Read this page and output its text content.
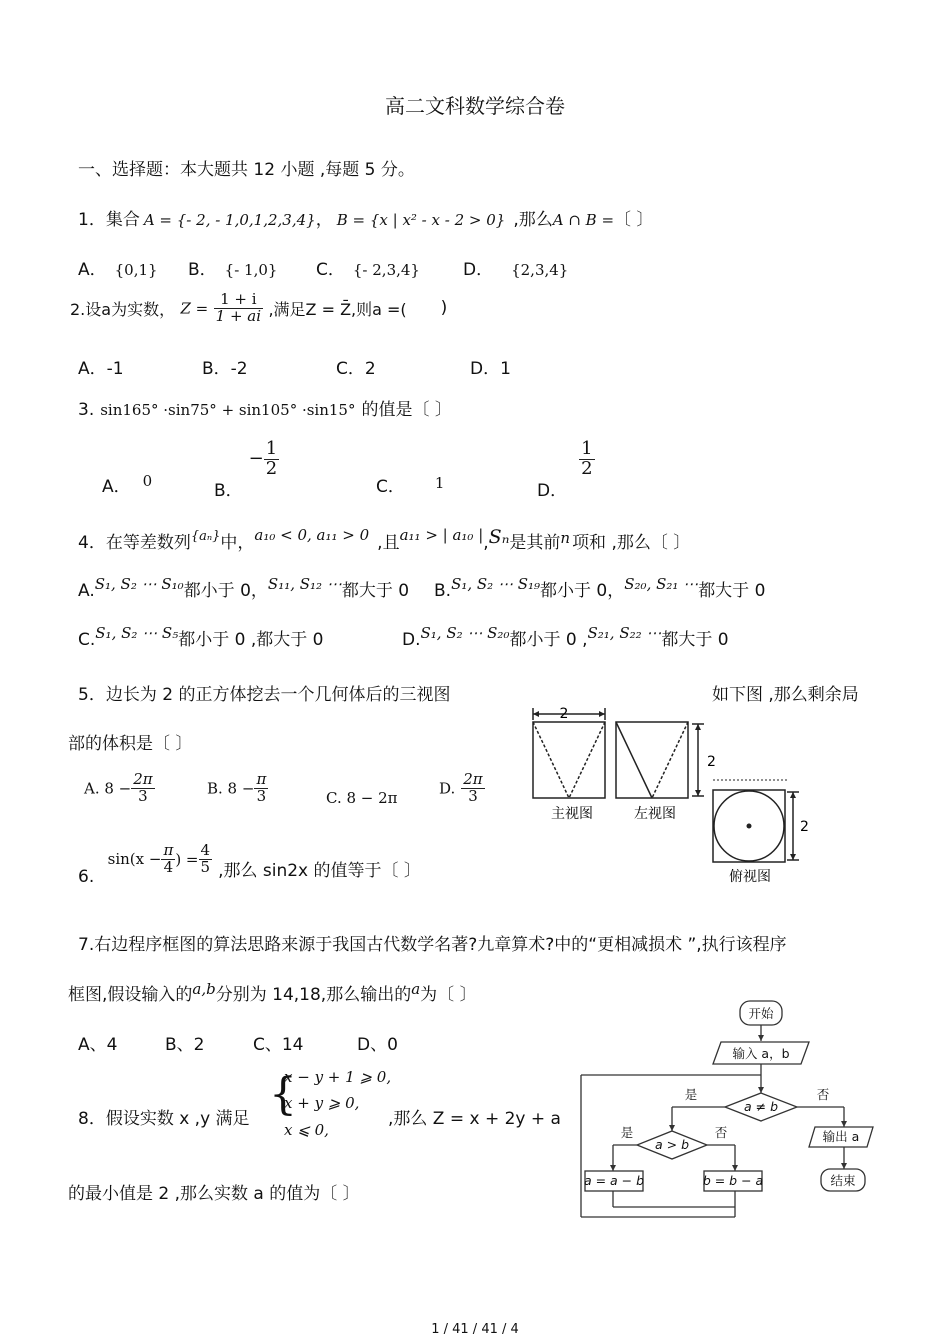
高二文科数学综合卷
一、选择题：本大题共 12 小题 ,每题 5 分。
1．集合 A = {- 2, - 1,0,1,2,3,4}， B = {x | x² - x - 2 > 0} ,那么A ∩ B =〔 〕
A． {0,1} B． {- 1,0} C． {- 2,3,4}	D． {2,3,4}
2.设a为实数， $Z = \frac{1 + i}{1 + ai}$ ,满足Z = Z̄,则a =( )
A．-1	B．-2	C．2	D．1
3. sin165° ·sin75° + sin105° ·sin15° 的值是〔 〕
A． 0
B．− $\frac{1}{2}$
C． 1	D．
$\frac{1}{2}$
4．在等差数列$^{\{a_n\}}$中，a₁₀ < 0, a₁₁ > 0 ,且a₁₁ > | a₁₀ |,Sₙ是其前n 项和 ,那么〔 〕
A.S₁, S₂ ⋯ S₁₀都小于 0，S₁₁, S₁₂ ⋯都大于 0 B.S₁, S₂ ⋯ S₁₉都小于 0，S₂₀, S₂₁ ⋯都大于 0
C.S₁, S₂ ⋯ S₅都小于 0 ,都大于 0	D.S₁, S₂ ⋯ S₂₀都小于 0 ,S₂₁, S₂₂ ⋯都大于 0
5．边长为 2 的正方体挖去一个几何体后的三视图	如下图 ,那么剩余局
部的体积是〔 〕
A. $8 - \frac{2\pi}{3}$	B. $8 - \frac{\pi}{3}$	C. 8 − 2π
D. $\frac{2\pi}{3}$
2
2
2
主视图	左视图
俯视图
6. $\sin(x - \frac{\pi}{4}$ ) = $\frac{4}{5}$ ,那么 sin2x 的值等于〔 〕
7.右边程序框图的算法思路来源于我国古代数学名著?九章算术?中的“更相减损术 ”,执行该程序
框图,假设输入的a,b分别为 14,18,那么输出的a为〔 〕
A、4	B、2	C、14	D、0
开始
输入 a，b
a ≠ b
是	否
a > b
是	否
a = a − b	b = b − a
输出 a
结束
8．假设实数 x ,y 满足 {
x − y + 1 ⩾ 0,
x + y ⩾ 0,
x ⩽ 0,
,那么 Z = x + 2y + a
的最小值是 2 ,那么实数 a 的值为〔 〕
1 / 41 / 41 / 4
